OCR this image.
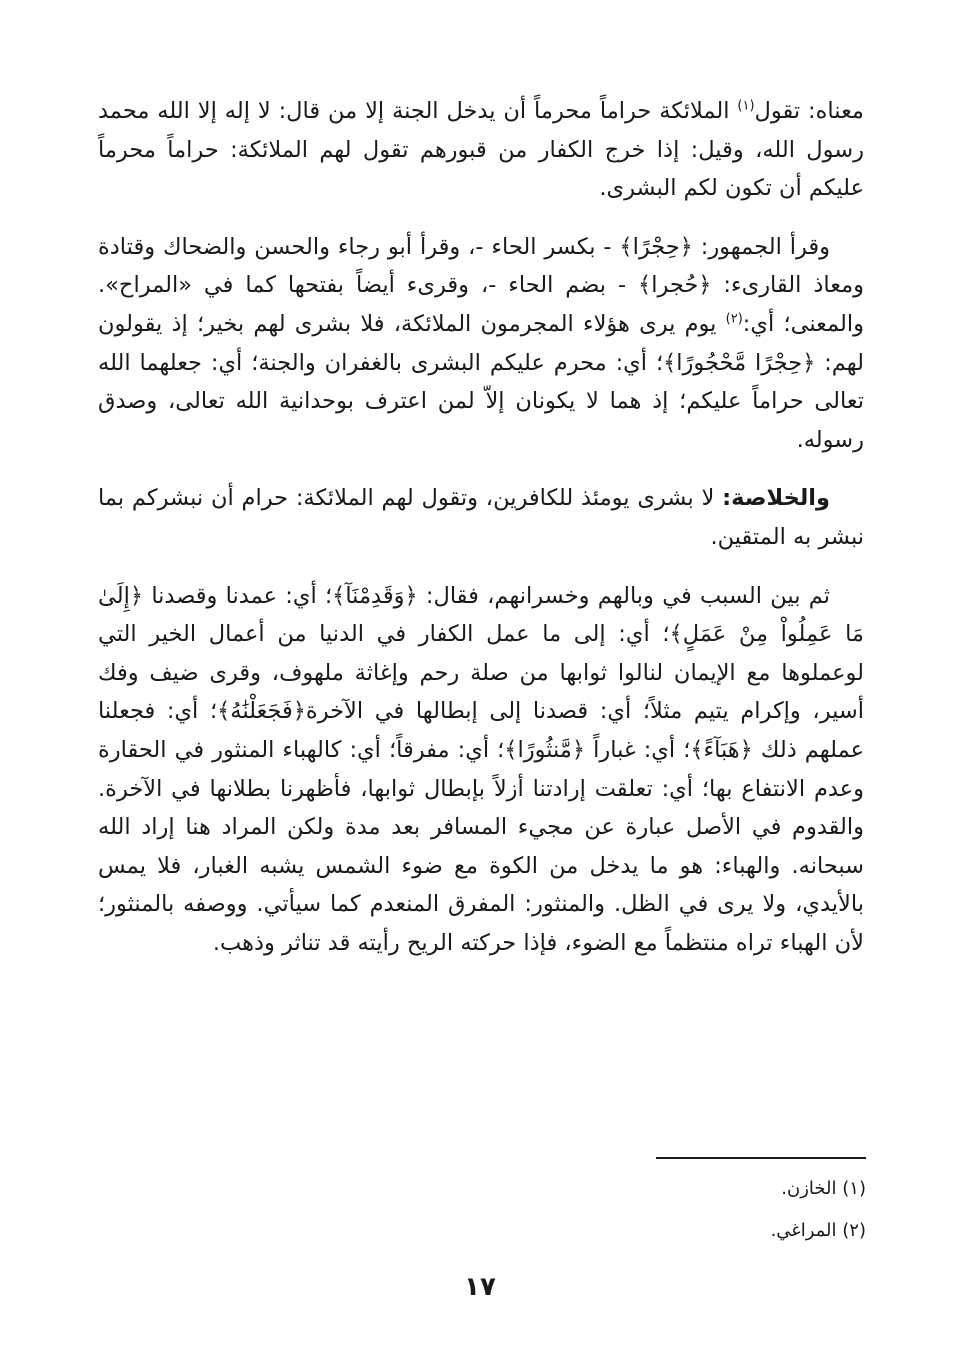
معناه: تقول$^{(١)}$ الملائكة حراماً محرماً أن يدخل الجنة إلا من قال: لا إله إلا الله محمد رسول الله، وقيل: إذا خرج الكفار من قبورهم تقول لهم الملائكة: حراماً محرماً عليكم أن تكون لكم البشرى.

وقرأ الجمهور: ﴿حِجْرًا﴾ - بكسر الحاء -، وقرأ أبو رجاء والحسن والضحاك وقتادة ومعاذ القارىء: ﴿حُجرا﴾ - بضم الحاء -، وقرىء أيضاً بفتحها كما في «المراح». والمعنى؛ أي:$^{(٢)}$ يوم يرى هؤلاء المجرمون الملائكة، فلا بشرى لهم بخير؛ إذ يقولون لهم: ﴿حِجْرًا مَّحْجُورًا﴾؛ أي: محرم عليكم البشرى بالغفران والجنة؛ أي: جعلهما الله تعالى حراماً عليكم؛ إذ هما لا يكونان إلاّ لمن اعترف بوحدانية الله تعالى، وصدق رسوله.

والخلاصة: لا بشرى يومئذ للكافرين، وتقول لهم الملائكة: حرام أن نبشركم بما نبشر به المتقين.

ثم بين السبب في وبالهم وخسرانهم، فقال: ﴿وَقَدِمْنَآ﴾؛ أي: عمدنا وقصدنا ﴿إِلَىٰ مَا عَمِلُواْ مِنْ عَمَلٍ﴾؛ أي: إلى ما عمل الكفار في الدنيا من أعمال الخير التي لوعملوها مع الإيمان لنالوا ثوابها من صلة رحم وإغاثة ملهوف، وقرى ضيف وفك أسير، وإكرام يتيم مثلاً؛ أي: قصدنا إلى إبطالها في الآخرة﴿فَجَعَلْنَٰهُ﴾؛ أي: فجعلنا عملهم ذلك ﴿هَبَآءً﴾؛ أي: غباراً ﴿مَّنثُورًا﴾؛ أي: مفرقاً؛ أي: كالهباء المنثور في الحقارة وعدم الانتفاع بها؛ أي: تعلقت إرادتنا أزلاً بإبطال ثوابها، فأظهرنا بطلانها في الآخرة. والقدوم في الأصل عبارة عن مجيء المسافر بعد مدة ولكن المراد هنا إراد الله سبحانه. والهباء: هو ما يدخل من الكوة مع ضوء الشمس يشبه الغبار، فلا يمس بالأيدي، ولا يرى في الظل. والمنثور: المفرق المنعدم كما سيأتي. ووصفه بالمنثور؛ لأن الهباء تراه منتظماً مع الضوء، فإذا حركته الريح رأيته قد تناثر وذهب.

(١) الخازن.

(٢) المراغي.

١٧
